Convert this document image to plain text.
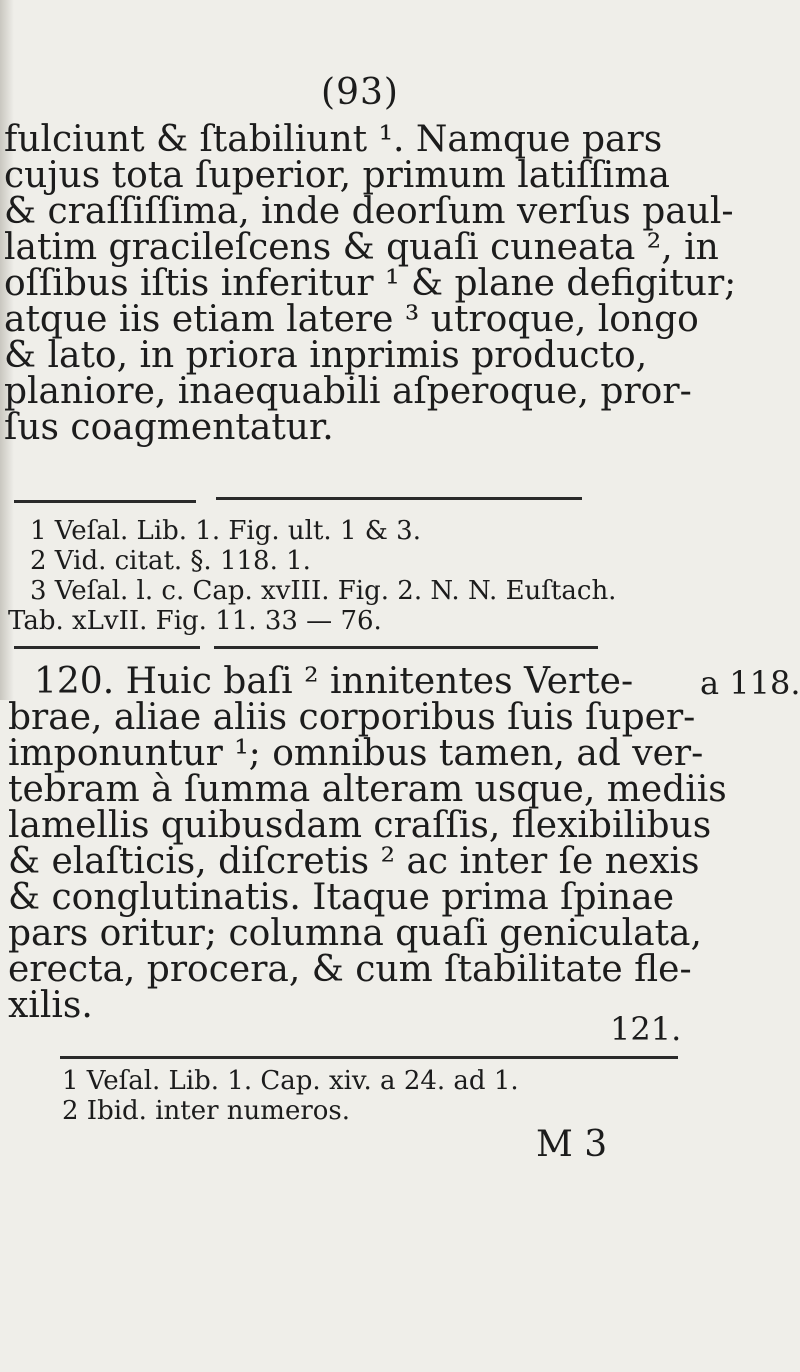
(93)
fulciunt & ſtabiliunt ¹. Namque pars
cujus tota ſuperior, primum latiſſima
& craſſiſſima, inde deorſum verſus paul-
latim gracileſcens & quaſi cuneata ², in
oſſibus iſtis inferitur ¹ & plane defigitur;
atque iis etiam latere ³ utroque, longo
& lato, in priora inprimis producto,
planiore, inaequabili aſperoque, pror-
ſus coagmentatur.
1 Veſal. Lib. 1. Fig. ult. 1 & 3.
2 Vid. citat. §. 118. 1.
3 Veſal. l. c. Cap. xvIII. Fig. 2. N. N. Euſtach.
Tab. xLvII. Fig. 11. 33 — 76.
120. Huic baſi ² innitentes Verte-
brae, aliae aliis corporibus ſuis ſuper-
imponuntur ¹; omnibus tamen, ad ver-
tebram à ſumma alteram usque, mediis
lamellis quibusdam craſſis, flexibilibus
& elaſticis, diſcretis ² ac inter ſe nexis
& conglutinatis. Itaque prima ſpinae
pars oritur; columna quaſi geniculata,
erecta, procera, & cum ſtabilitate fle-
xilis.
a 118.
121.
1 Veſal. Lib. 1. Cap. xiv. a 24. ad 1.
2 Ibid. inter numeros.
M 3
